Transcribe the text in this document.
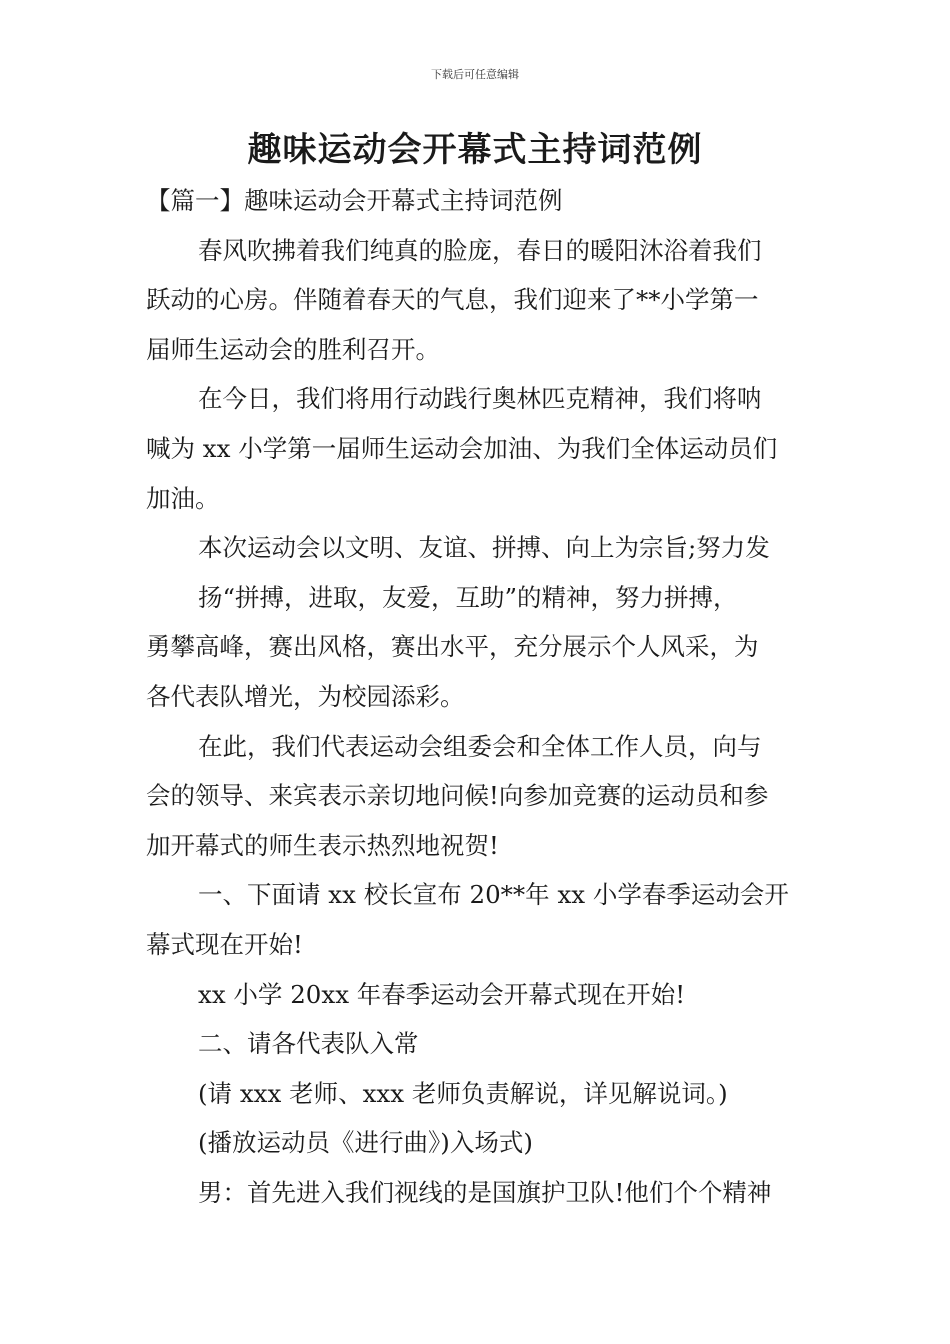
下载后可任意编辑
趣味运动会开幕式主持词范例
【篇一】趣味运动会开幕式主持词范例
春风吹拂着我们纯真的脸庞，春日的暖阳沐浴着我们
跃动的心房。伴随着春天的气息，我们迎来了**小学第一
届师生运动会的胜利召开。
在今日，我们将用行动践行奥林匹克精神，我们将呐
喊为 xx 小学第一届师生运动会加油、为我们全体运动员们
加油。
本次运动会以文明、友谊、拼搏、向上为宗旨;努力发
扬“拼搏，进取，友爱，互助”的精神，努力拼搏，
勇攀高峰，赛出风格，赛出水平，充分展示个人风采，为
各代表队增光，为校园添彩。
在此，我们代表运动会组委会和全体工作人员，向与
会的领导、来宾表示亲切地问候!向参加竞赛的运动员和参
加开幕式的师生表示热烈地祝贺!
一、下面请 xx 校长宣布 20**年 xx 小学春季运动会开
幕式现在开始!
xx 小学 20xx 年春季运动会开幕式现在开始!
二、请各代表队入常
(请 xxx 老师、xxx 老师负责解说，详见解说词。)
(播放运动员《进行曲》)入场式)
男：首先进入我们视线的是国旗护卫队!他们个个精神
